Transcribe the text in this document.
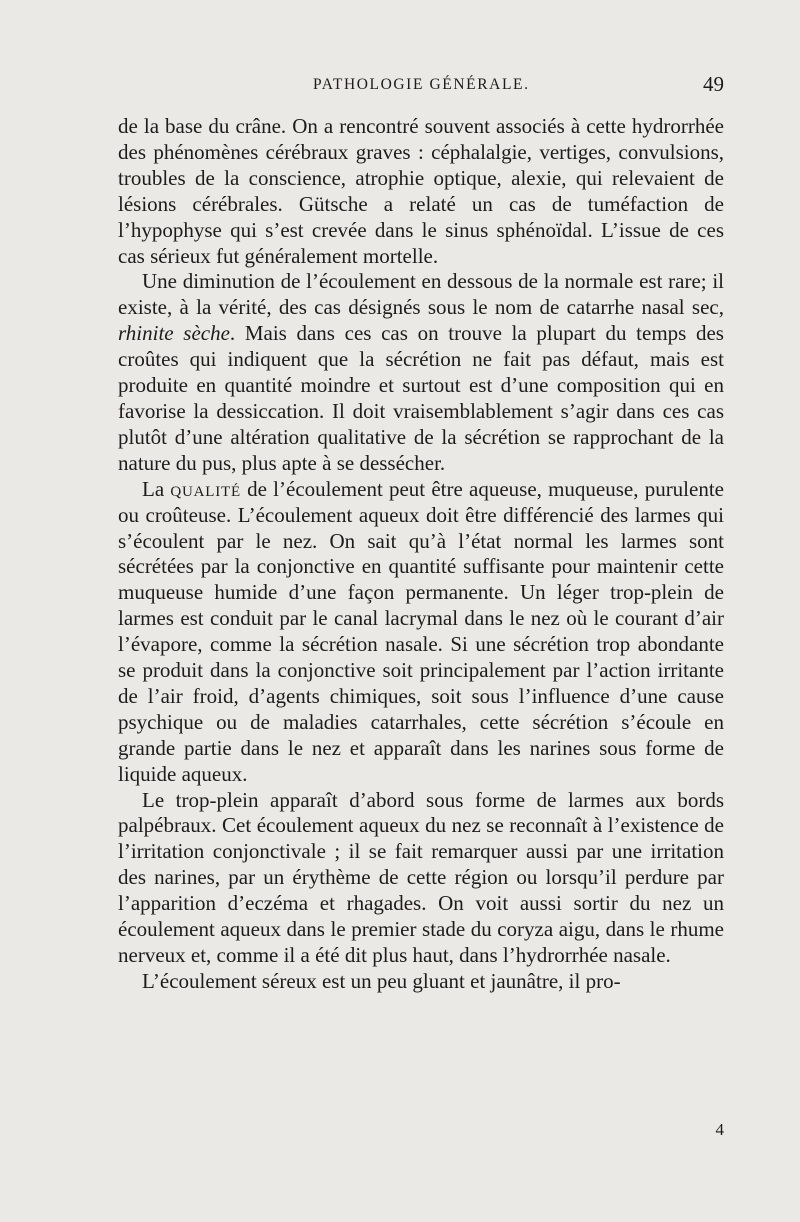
PATHOLOGIE GÉNÉRALE.	49

de la base du crâne. On a rencontré souvent associés à cette hydrorrhée des phénomènes cérébraux graves : céphalalgie, vertiges, convulsions, troubles de la conscience, atrophie optique, alexie, qui relevaient de lésions cérébrales. Gütsche a relaté un cas de tuméfaction de l’hypophyse qui s’est crevée dans le sinus sphénoïdal. L’issue de ces cas sérieux fut généralement mortelle.

Une diminution de l’écoulement en dessous de la normale est rare; il existe, à la vérité, des cas désignés sous le nom de catarrhe nasal sec, rhinite sèche. Mais dans ces cas on trouve la plupart du temps des croûtes qui indiquent que la sécrétion ne fait pas défaut, mais est produite en quantité moindre et surtout est d’une composition qui en favorise la dessiccation. Il doit vraisemblablement s’agir dans ces cas plutôt d’une altération qualitative de la sécrétion se rapprochant de la nature du pus, plus apte à se dessécher.

La qualité de l’écoulement peut être aqueuse, muqueuse, purulente ou croûteuse. L’écoulement aqueux doit être différencié des larmes qui s’écoulent par le nez. On sait qu’à l’état normal les larmes sont sécrétées par la conjonctive en quantité suffisante pour maintenir cette muqueuse humide d’une façon permanente. Un léger trop-plein de larmes est conduit par le canal lacrymal dans le nez où le courant d’air l’évapore, comme la sécrétion nasale. Si une sécrétion trop abondante se produit dans la conjonctive soit principalement par l’action irritante de l’air froid, d’agents chimiques, soit sous l’influence d’une cause psychique ou de maladies catarrhales, cette sécrétion s’écoule en grande partie dans le nez et apparaît dans les narines sous forme de liquide aqueux.

Le trop-plein apparaît d’abord sous forme de larmes aux bords palpébraux. Cet écoulement aqueux du nez se reconnaît à l’existence de l’irritation conjonctivale ; il se fait remarquer aussi par une irritation des narines, par un érythème de cette région ou lorsqu’il perdure par l’apparition d’eczéma et rhagades. On voit aussi sortir du nez un écoulement aqueux dans le premier stade du coryza aigu, dans le rhume nerveux et, comme il a été dit plus haut, dans l’hydrorrhée nasale.

L’écoulement séreux est un peu gluant et jaunâtre, il pro-

4
